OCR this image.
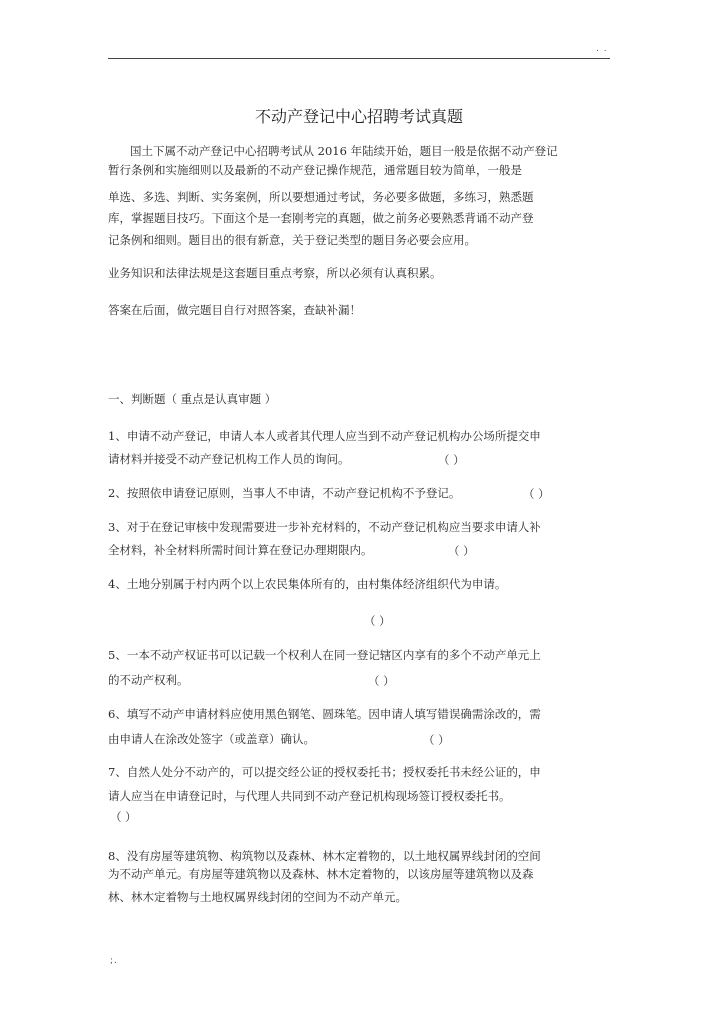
. .
不动产登记中心招聘考试真题
国土下属不动产登记中心招聘考试从 2016 年陆续开始，题目一般是依据不动产登记
暂行条例和实施细则以及最新的不动产登记操作规范，通常题目较为简单，一般是
单选、多选、判断、实务案例，所以要想通过考试，务必要多做题，多练习，熟悉题
库，掌握题目技巧。下面这个是一套刚考完的真题，做之前务必要熟悉背诵不动产登
记条例和细则。题目出的很有新意，关于登记类型的题目务必要会应用。
业务知识和法律法规是这套题目重点考察，所以必须有认真积累。
答案在后面，做完题目自行对照答案，查缺补漏！
一、判断题（ 重点是认真审题 ）
1、申请不动产登记，申请人本人或者其代理人应当到不动产登记机构办公场所提交申
请材料并接受不动产登记机构工作人员的询问。	（ ）
2、按照依申请登记原则，当事人不申请，不动产登记机构不予登记。	（ ）
3、对于在登记审核中发现需要进一步补充材料的，不动产登记机构应当要求申请人补
全材料，补全材料所需时间计算在登记办理期限内。	（ ）
4、土地分别属于村内两个以上农民集体所有的，由村集体经济组织代为申请。
（ ）
5、一本不动产权证书可以记载一个权利人在同一登记辖区内享有的多个不动产单元上
的不动产权利。	（ ）
6、填写不动产申请材料应使用黑色钢笔、圆珠笔。因申请人填写错误确需涂改的，需
由申请人在涂改处签字（或盖章）确认。	（ ）
7、自然人处分不动产的，可以提交经公证的授权委托书；授权委托书未经公证的，申
请人应当在申请登记时，与代理人共同到不动产登记机构现场签订授权委托书。
（ ）
8、没有房屋等建筑物、构筑物以及森林、林木定着物的，以土地权属界线封闭的空间
为不动产单元。有房屋等建筑物以及森林、林木定着物的，以该房屋等建筑物以及森
林、林木定着物与土地权属界线封闭的空间为不动产单元。
;.
